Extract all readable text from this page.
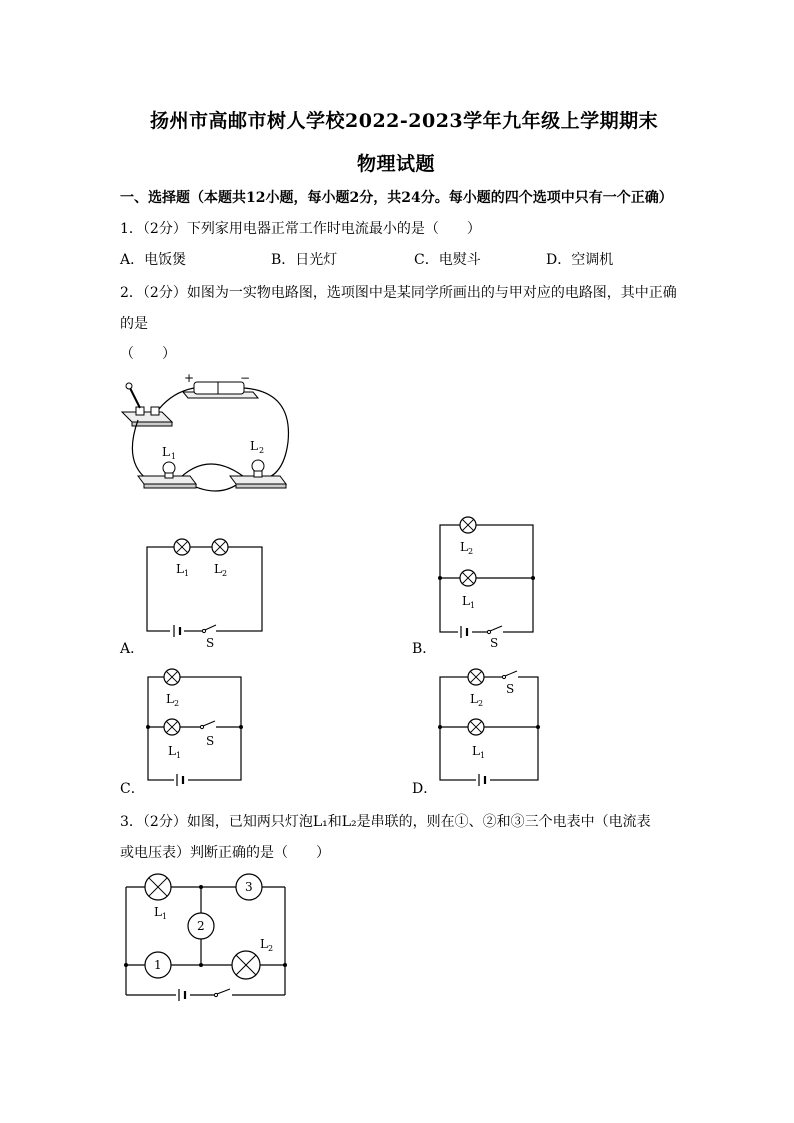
扬州市高邮市树人学校2022-2023学年九年级上学期期末
物理试题
一、选择题（本题共12小题，每小题2分，共24分。每小题的四个选项中只有一个正确）
1．（2分）下列家用电器正常工作时电流最小的是（　　）
A．电饭煲	B．日光灯	C．电熨斗	D．空调机
2．（2分）如图为一实物电路图，选项图中是某同学所画出的与甲对应的电路图，其中正确
的是
（　　）
+	−
L 1
L 2
A．
L 1 L 2
S	B．
L 2
L 1
S
C．
L 2
L 1
S
D．
S
L 2
L 1
3．（2分）如图，已知两只灯泡L₁和L₂是串联的，则在①、②和③三个电表中（电流表
或电压表）判断正确的是（　　）
L 1
3
2
1
L 2
